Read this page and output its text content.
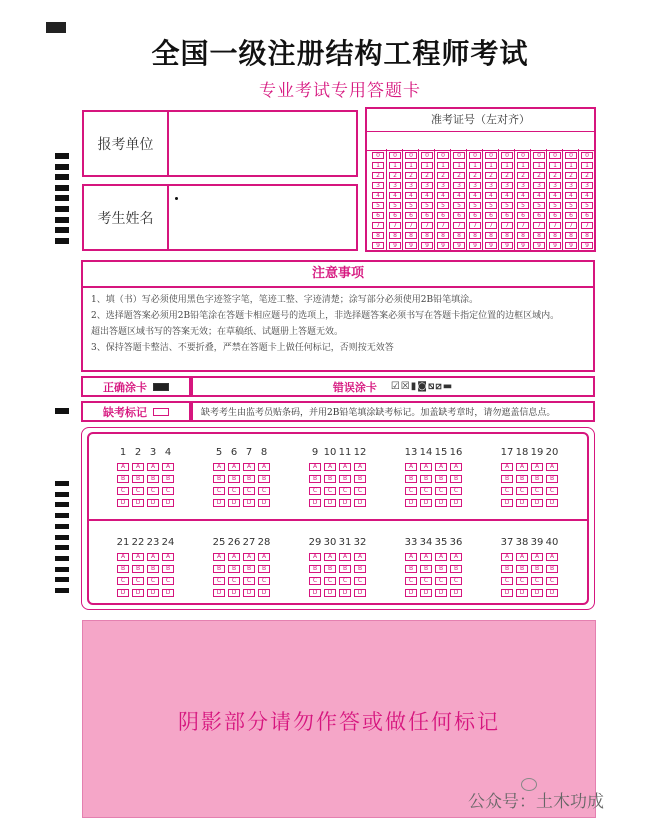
全国一级注册结构工程师考试
专业考试专用答题卡
报考单位
考生姓名
准考证号（左对齐）
0
1
2
3
4
5
6
7
8
9
0
1
2
3
4
5
6
7
8
9
0
1
2
3
4
5
6
7
8
9
0
1
2
3
4
5
6
7
8
9
0
1
2
3
4
5
6
7
8
9
0
1
2
3
4
5
6
7
8
9
0
1
2
3
4
5
6
7
8
9
0
1
2
3
4
5
6
7
8
9
0
1
2
3
4
5
6
7
8
9
0
1
2
3
4
5
6
7
8
9
0
1
2
3
4
5
6
7
8
9
0
1
2
3
4
5
6
7
8
9
0
1
2
3
4
5
6
7
8
9
0
1
2
3
4
5
6
7
8
9
注意事项
1、填（书）写必须使用黑色字迹签字笔，笔迹工整、字迹清楚；涂写部分必须使用2B铅笔填涂。
2、选择题答案必须用2B铅笔涂在答题卡相应题号的选项上，非选择题答案必须书写在答题卡指定位置的边框区域内。
超出答题区域书写的答案无效；在草稿纸、试题册上答题无效。
3、保持答题卡整洁、不要折叠，严禁在答题卡上做任何标记，否则按无效答
正确涂卡	错误涂卡 ☑☒▮◙⧅⧄▬
缺考标记	缺考考生由监考员贴条码，并用2B铅笔填涂缺考标记。加盖缺考章时，请勿遮盖信息点。
1 2 3 4
A
B
C
D
A
B
C
D
A
B
C
D
A
B
C
D
5 6 7 8
A
B
C
D
A
B
C
D
A
B
C
D
A
B
C
D
9 10 11 12
A
B
C
D
A
B
C
D
A
B
C
D
A
B
C
D
13 14 15 16
A
B
C
D
A
B
C
D
A
B
C
D
A
B
C
D
17 18 19 20
A
B
C
D
A
B
C
D
A
B
C
D
A
B
C
D
21 22 23 24
A
B
C
D
A
B
C
D
A
B
C
D
A
B
C
D
25 26 27 28
A
B
C
D
A
B
C
D
A
B
C
D
A
B
C
D
29 30 31 32
A
B
C
D
A
B
C
D
A
B
C
D
A
B
C
D
33 34 35 36
A
B
C
D
A
B
C
D
A
B
C
D
A
B
C
D
37 38 39 40
A
B
C
D
A
B
C
D
A
B
C
D
A
B
C
D
阴影部分请勿作答或做任何标记
公众号：土木功成
